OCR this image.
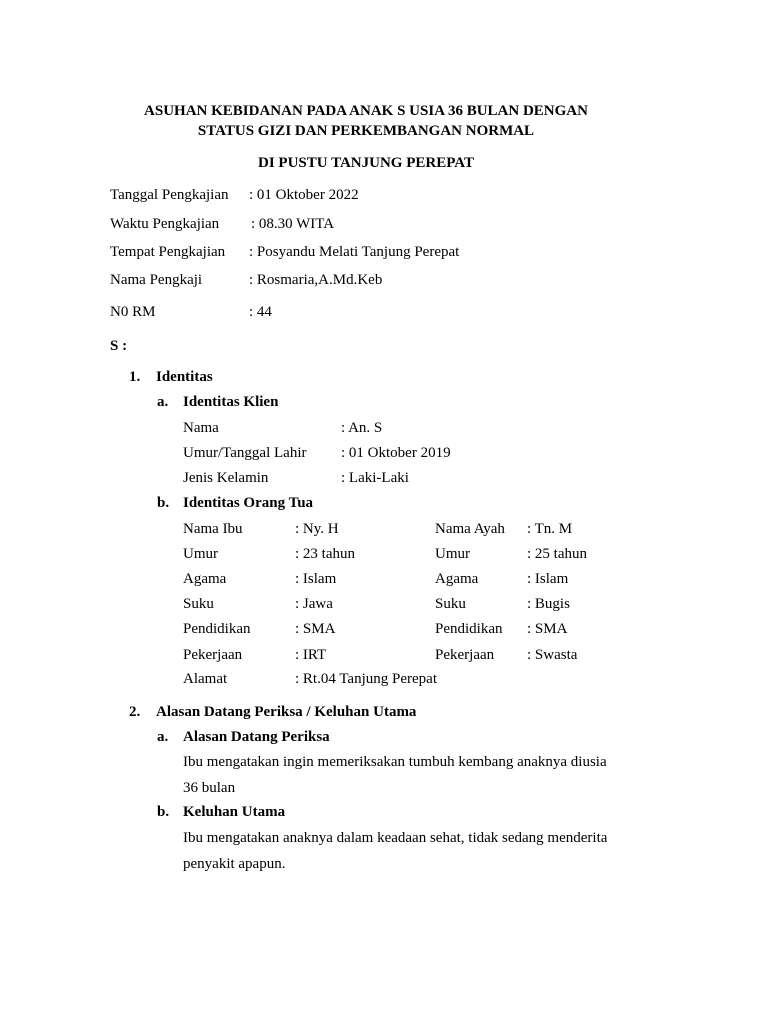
ASUHAN KEBIDANAN PADA ANAK S USIA 36 BULAN DENGAN
STATUS GIZI DAN PERKEMBANGAN NORMAL
DI PUSTU TANJUNG PEREPAT
Tanggal Pengkajian : 01 Oktober 2022
Waktu Pengkajian : 08.30 WITA
Tempat Pengkajian : Posyandu Melati Tanjung Perepat
Nama Pengkaji	: Rosmaria,A.Md.Keb
N0 RM	: 44
S :
1. Identitas
a. Identitas Klien
Nama	: An. S
Umur/Tanggal Lahir : 01 Oktober 2019
Jenis Kelamin	: Laki-Laki
b. Identitas Orang Tua
Nama Ibu	: Ny. H	Nama Ayah : Tn. M
Umur	: 23 tahun	Umur	: 25 tahun
Agama	: Islam	Agama	: Islam
Suku	: Jawa	Suku	: Bugis
Pendidikan	: SMA	Pendidikan : SMA
Pekerjaan	: IRT	Pekerjaan : Swasta
Alamat	: Rt.04 Tanjung Perepat
2. Alasan Datang Periksa / Keluhan Utama
a. Alasan Datang Periksa
Ibu mengatakan ingin memeriksakan tumbuh kembang anaknya diusia
36 bulan
b. Keluhan Utama
Ibu mengatakan anaknya dalam keadaan sehat, tidak sedang menderita
penyakit apapun.
